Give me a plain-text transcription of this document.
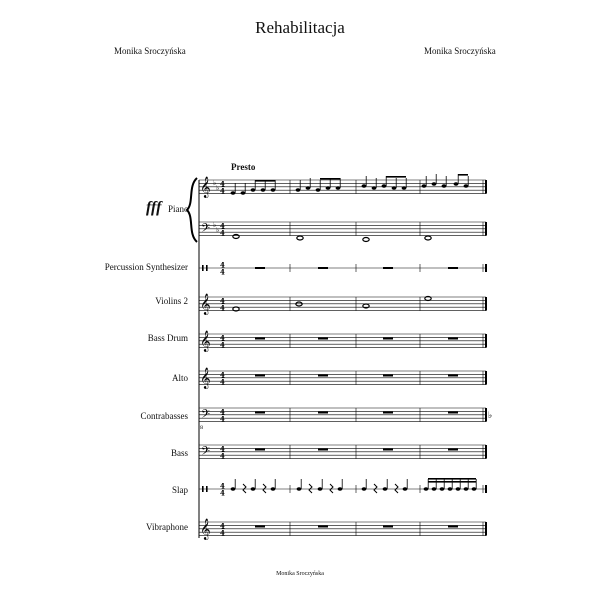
Rehabilitacja
Monika Sroczyńska	Monika Sroczyńska
Presto
fff Piano
Percussion Synthesizer
Violins 2
Bass Drum
Alto
Contrabasses
Bass
Slap
Vibraphone
𝄞 4
4
♭
♭
𝄢 4
4
♭
♭
4
4
𝄞 4
4
𝄞 4
4
𝄞 4
4
𝄢 4
4
𝄢 4
4
4
4
𝄞 4
4
♭
8
Monika Sroczyńska
